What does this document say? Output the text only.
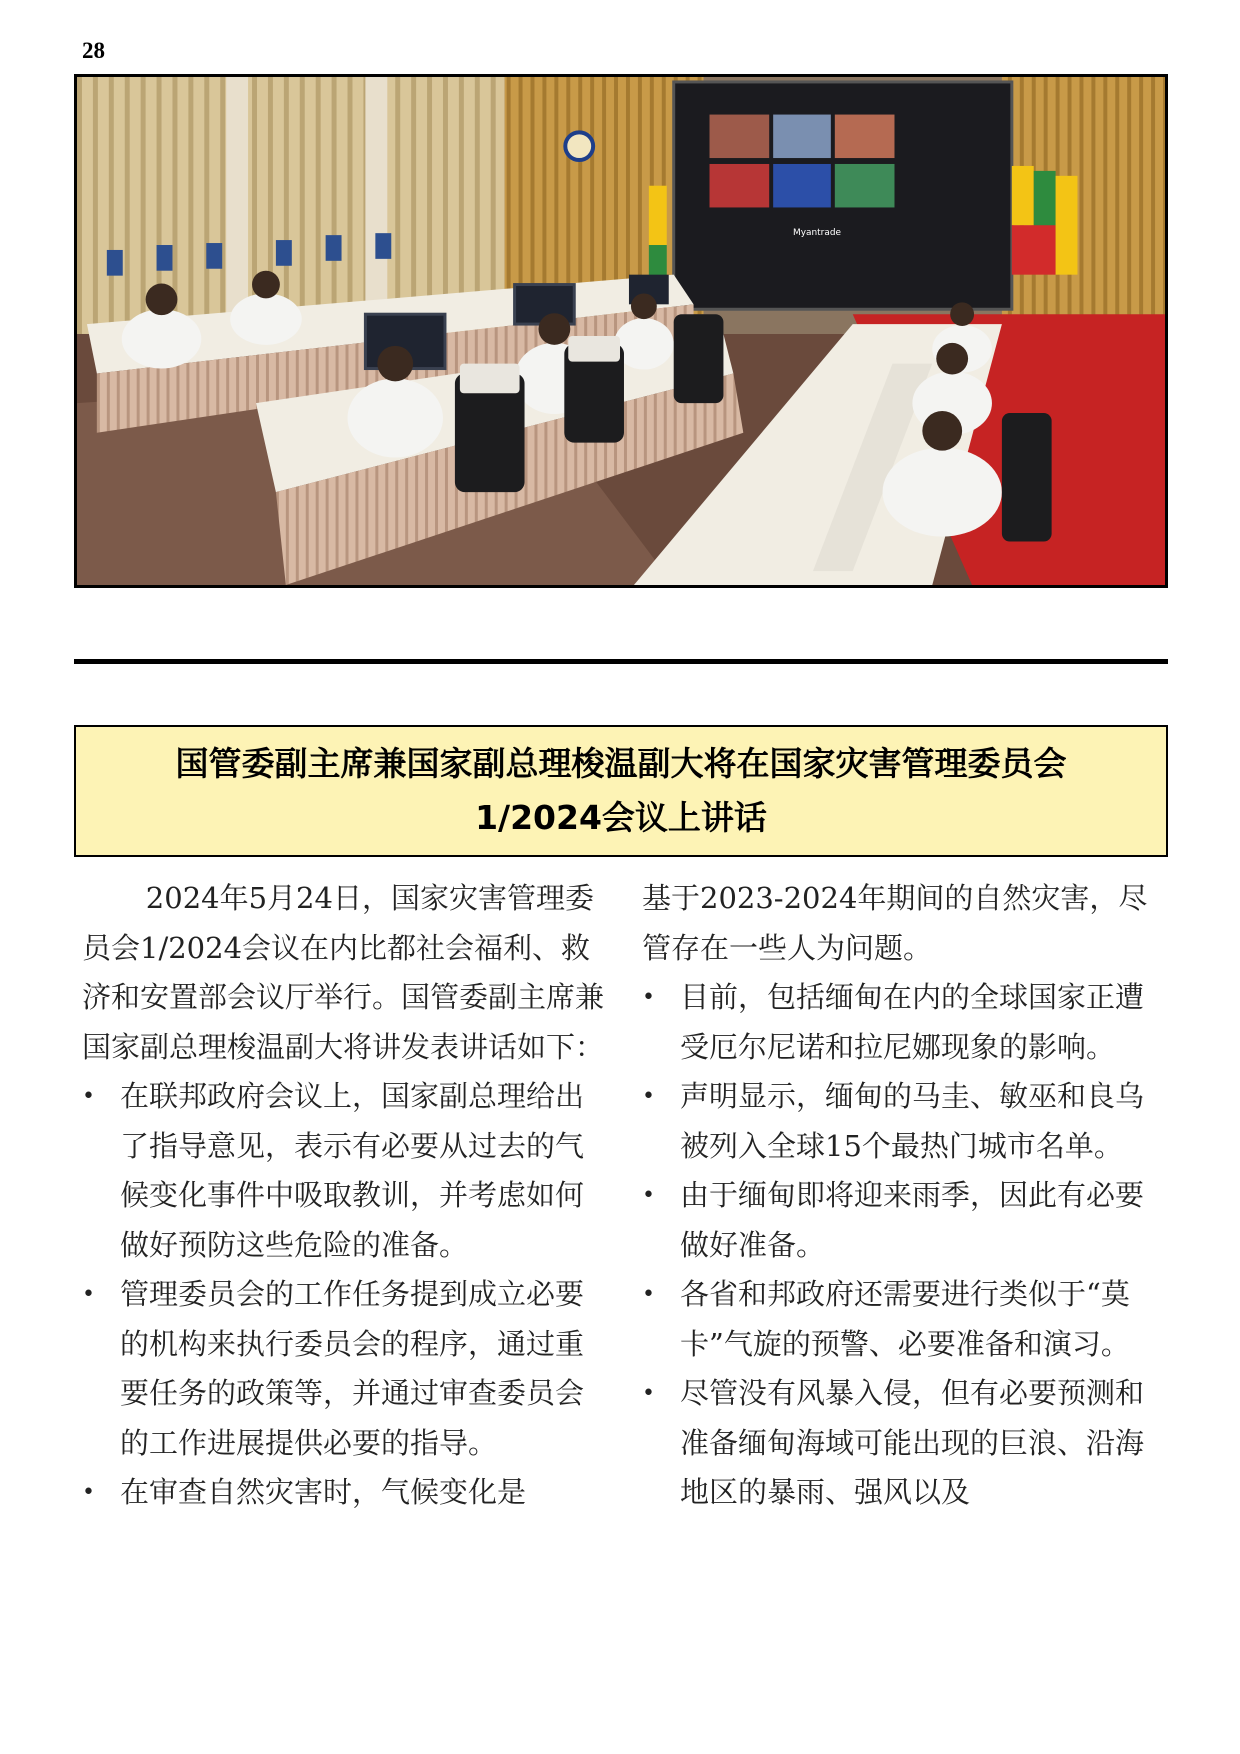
28
Myantrade
国管委副主席兼国家副总理梭温副大将在国家灾害管理委员会
1/2024会议上讲话

2024年5月24日，国家灾害管理委员会1/2024会议在内比都社会福利、救济和安置部会议厅举行。国管委副主席兼国家副总理梭温副大将讲发表讲话如下：

• 在联邦政府会议上，国家副总理给出了指导意见，表示有必要从过去的气候变化事件中吸取教训，并考虑如何做好预防这些危险的准备。
• 管理委员会的工作任务提到成立必要的机构来执行委员会的程序，通过重要任务的政策等，并通过审查委员会的工作进展提供必要的指导。
• 在审查自然灾害时，气候变化是

基于2023-2024年期间的自然灾害，尽管存在一些人为问题。

• 目前，包括缅甸在内的全球国家正遭受厄尔尼诺和拉尼娜现象的影响。
• 声明显示，缅甸的马圭、敏巫和良乌被列入全球15个最热门城市名单。
• 由于缅甸即将迎来雨季，因此有必要做好准备。
• 各省和邦政府还需要进行类似于“莫卡”气旋的预警、必要准备和演习。
• 尽管没有风暴入侵，但有必要预测和准备缅甸海域可能出现的巨浪、沿海地区的暴雨、强风以及
